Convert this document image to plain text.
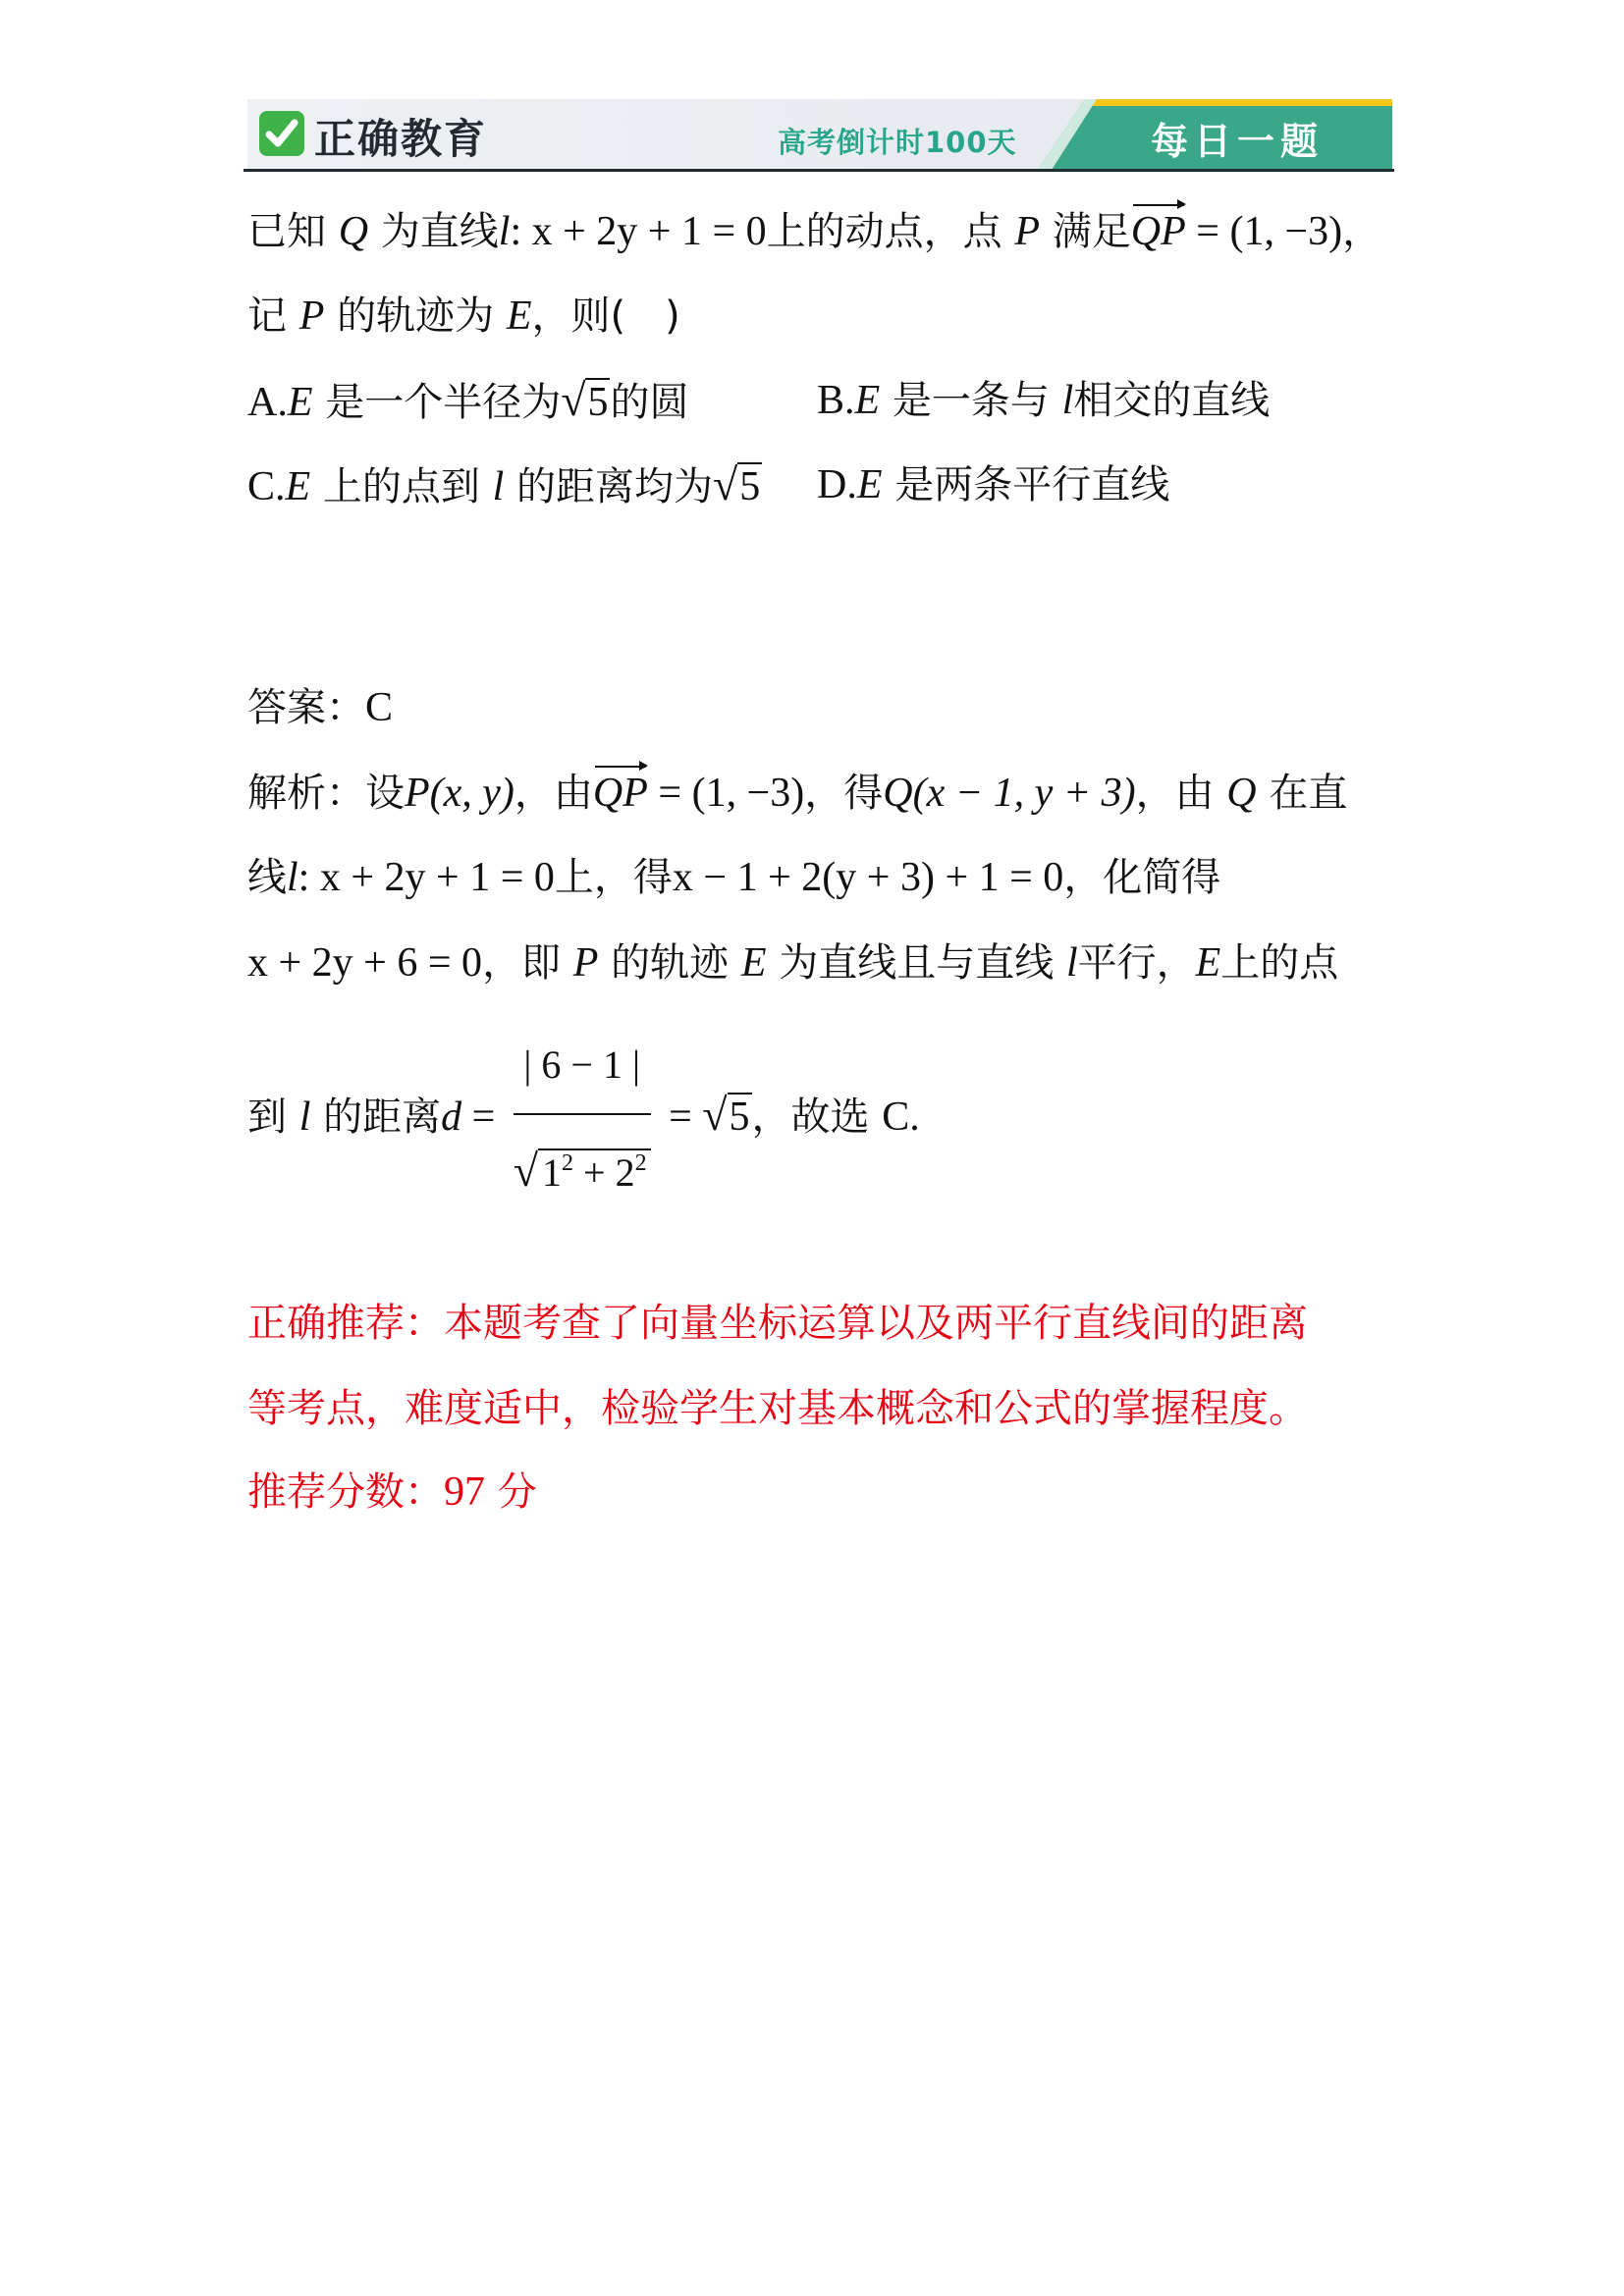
正确教育	高考倒计时100天	每日一题
已知 Q 为直线l: x + 2y + 1 = 0上的动点，点 P 满足QP = (1, −3)，
记 P 的轨迹为 E，则(　)
A.E 是一个半径为√5的圆	B.E 是一条与 l相交的直线
C.E 上的点到 l 的距离均为√5 D.E 是两条平行直线
答案：C
解析：设P(x, y)，由QP = (1, −3)，得Q(x − 1, y + 3)，由 Q 在直
线l: x + 2y + 1 = 0上，得x − 1 + 2(y + 3) + 1 = 0，化简得
x + 2y + 6 = 0，即 P 的轨迹 E 为直线且与直线 l平行，E上的点
到 l 的距离$d = \frac{| 6 - 1 |}{√ 1^2 + 2^2} = √5$，故选 C.
正确推荐：本题考查了向量坐标运算以及两平行直线间的距离
等考点，难度适中，检验学生对基本概念和公式的掌握程度。
推荐分数：97 分
